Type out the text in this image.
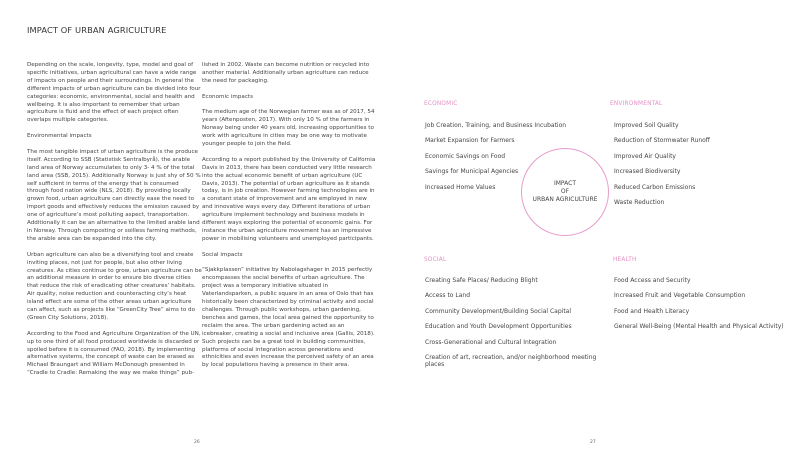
IMPACT OF URBAN AGRICULTURE

Depending on the scale, longevity, type, model and goal of specific initiatives, urban agricultural can have a wide range of impacts on people and their surroundings. In general the different impacts of urban agriculture can be divided into four categories: economic, environmental, social and health and wellbeing. It is also important to remember that urban agriculture is fluid and the effect of each project often overlaps multiple categories.

Environmental impacts

The most tangible impact of urban agriculture is the produce itself. According to SSB (Statistisk Sentralbyrå), the arable land area of Norway accumulates to only 3- 4 % of the total land area (SSB, 2015). Additionally Norway is just shy of 50 % self sufficient in terms of the energy that is consumed through food nation wide (NLS, 2018). By providing locally grown food, urban agriculture can directly ease the need to import goods and effectively reduces the emission caused by one of agriculture’s most polluting aspect, transportation. Additionally it can be an alternative to the limited arable land in Norway. Through composting or soilless farming methods, the arable area can be expanded into the city.

Urban agriculture can also be a diversifying tool and create inviting places, not just for people, but also other living creatures. As cities continue to grow, urban agriculture can be an additional measure in order to ensure bio diverse cities that reduce the risk of eradicating other creatures’ habitats. Air quality, noise reduction and counteracting city’s heat island effect are some of the other areas urban agriculture can affect, such as projects like “GreenCity Tree” aims to do (Green City Solutions, 2018).

According to the Food and Agriculture Organization of the UN, up to one third of all food produced worldwide is discarded or spoiled before it is consumed (FAO, 2018). By implementing alternative systems, the concept of waste can be erased as Michael Braungart and William McDonough presented in “Cradle to Cradle: Remaking the way we make things” pub-

lished in 2002. Waste can become nutrition or recycled into another material. Additionally urban agriculture can reduce the need for packaging.

Economic impacts

The medium age of the Norwegian farmer was as of 2017, 54 years (Aftenposten, 2017). With only 10 % of the farmers in Norway being under 40 years old, increasing opportunities to work with agriculture in cities may be one way to motivate younger people to join the field.

According to a report published by the University of California Davis in 2013, there has been conducted very little research into the actual economic benefit of urban agriculture (UC Davis, 2013). The potential of urban agriculture as it stands today, is in job creation. However farming technologies are in a constant state of improvement and are employed in new and innovative ways every day. Different iterations of urban agriculture implement technology and business models in different ways exploring the potential of economic gains. For instance the urban agriculture movement has an impressive power in mobilising volunteers and unemployed participants.

Social impacts

“Sjakkplassen” initiative by Nabolagshager in 2015 perfectly encompasses the social benefits of urban agriculture. The project was a temporary initiative situated in Vaterlandsparken, a public square in an area of Oslo that has historically been characterized by criminal activity and social challenges. Through public workshops, urban gardening, benches and games, the local area gained the opportunity to reclaim the area. The urban gardening acted as an icebreaker, creating a social and inclusive area (Gallis, 2018). Such projects can be a great tool in building communities, platforms of social integration across generations and ethnicities and even increase the perceived safety of an area by local populations having a presence in their area.

26
ECONOMIC
Job Creation, Training, and Business Incubation
Market Expansion for Farmers
Economic Savings on Food
Savings for Municipal Agencies
Increased Home Values
ENVIRONMENTAL
Improved Soil Quality
Reduction of Stormwater Runoff
Improved Air Quality
Increased Biodiversity
Reduced Carbon Emissions
Waste Reduction
IMPACT
OF
URBAN AGRICULTURE
SOCIAL
Creating Safe Places/ Reducing Blight
Access to Land
Community Development/Building Social Capital
Education and Youth Development Opportunities
Cross-Generational and Cultural Integration
Creation of art, recreation, and/or neighborhood meeting places
HEALTH
Food Access and Security
Increased Fruit and Vegetable Consumption
Food and Health Literacy
General Well-Being (Mental Health and Physical Activity)
27
